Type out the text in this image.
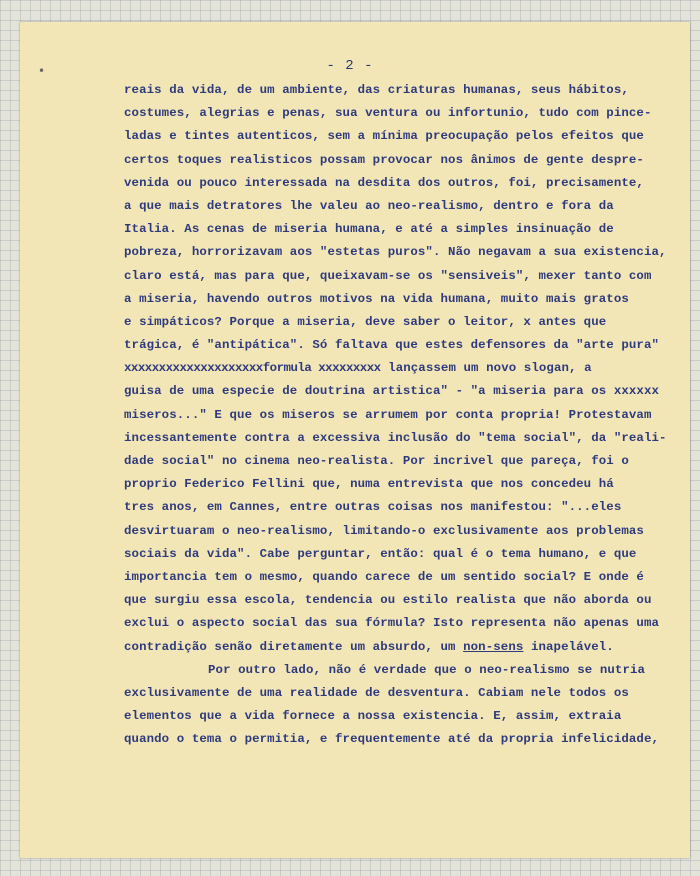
•	- 2 -
reais da vida, de um ambiente, das criaturas humanas, seus hábitos,
costumes, alegrias e penas, sua ventura ou infortunio, tudo com pince-
ladas e tintes autenticos, sem a mínima preocupação pelos efeitos que
certos toques realisticos possam provocar nos ânimos de gente despre-
venida ou pouco interessada na desdita dos outros, foi, precisamente,
a que mais detratores lhe valeu ao neo-realismo, dentro e fora da
Italia. As cenas de miseria humana, e até a simples insinuação de
pobreza, horrorizavam aos "estetas puros". Não negavam a sua existencia,
claro está, mas para que, queixavam-se os "sensiveis", mexer tanto com
a miseria, havendo outros motivos na vida humana, muito mais gratos
e simpáticos? Porque a miseria, deve saber o leitor, x antes que
trágica, é "antipática". Só faltava que estes defensores da "arte pura"
xxxxxxxxxxxxxxxxxxxxformula xxxxxxxxx lançassem um novo slogan, a
guisa de uma especie de doutrina artistica" - "a miseria para os xxxxxx
miseros..." E que os miseros se arrumem por conta propria! Protestavam
incessantemente contra a excessiva inclusão do "tema social", da "reali-
dade social" no cinema neo-realista. Por incrivel que pareça, foi o
proprio Federico Fellini que, numa entrevista que nos concedeu há
tres anos, em Cannes, entre outras coisas nos manifestou: "...eles
desvirtuaram o neo-realismo, limitando-o exclusivamente aos problemas
sociais da vida". Cabe perguntar, então: qual é o tema humano, e que
importancia tem o mesmo, quando carece de um sentido social? E onde é
que surgiu essa escola, tendencia ou estilo realista que não aborda ou
exclui o aspecto social das sua fórmula? Isto representa não apenas uma
contradição senão diretamente um absurdo, um non-sens inapelável.
Por outro lado, não é verdade que o neo-realismo se nutria
exclusivamente de uma realidade de desventura. Cabiam nele todos os
elementos que a vida fornece a nossa existencia. E, assim, extraia
quando o tema o permitia, e frequentemente até da propria infelicidade,
